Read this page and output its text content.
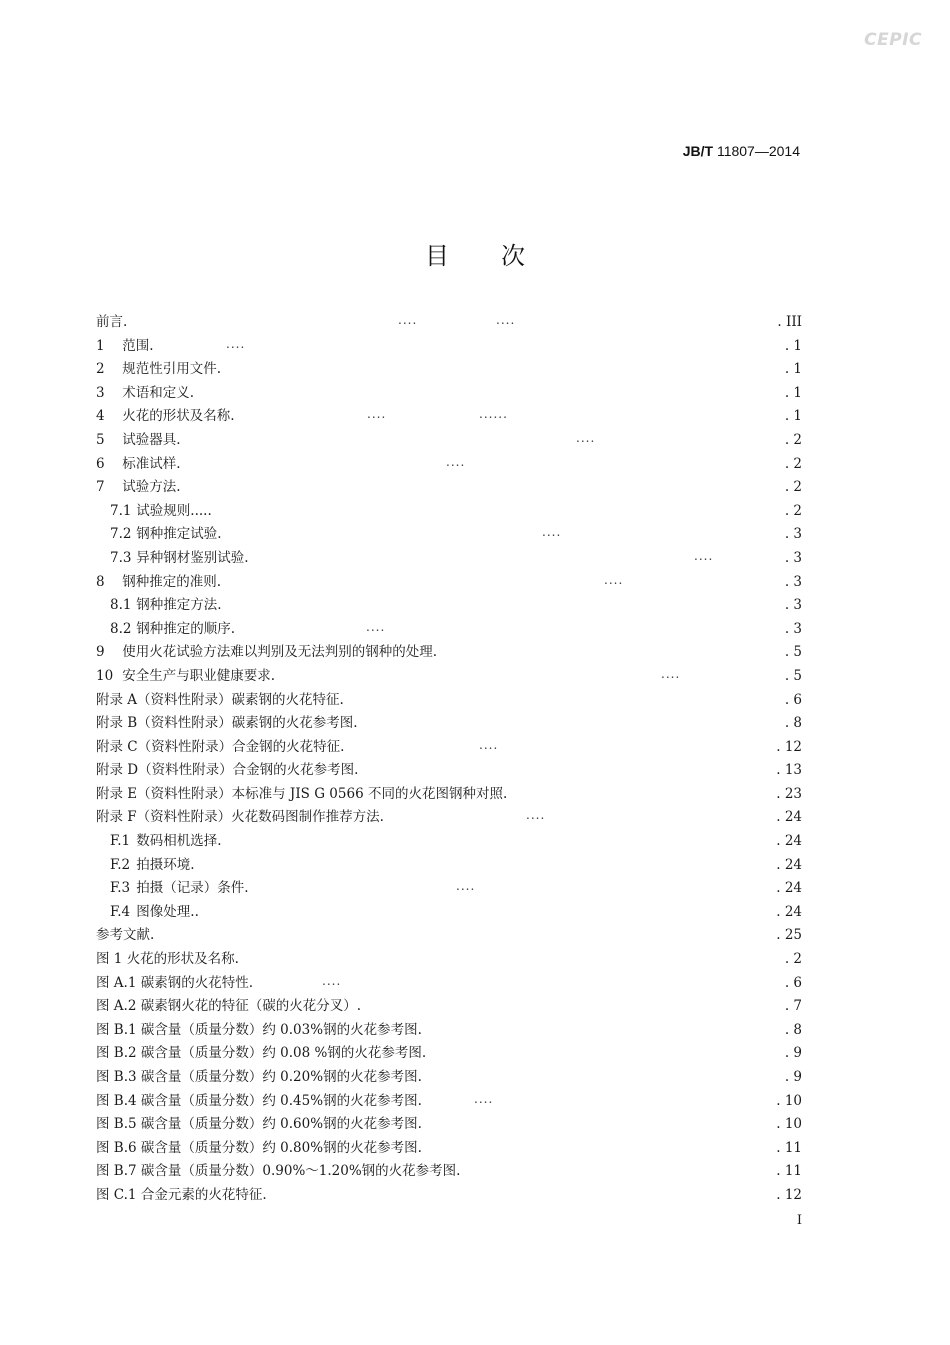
CEPIC
JB/T 11807—2014
目 次
前言.	....	....	. III
1 范围.	....	. 1
2 规范性引用文件.	. 1
3 术语和定义.	. 1
4 火花的形状及名称.	....	......	. 1
5 试验器具.	....	. 2
6 标准试样.	....	. 2
7 试验方法.	. 2
7.1 试验规则.....	. 2
7.2 钢种推定试验.	....	. 3
7.3 异种钢材鉴别试验.	....	. 3
8 钢种推定的准则.	....	. 3
8.1 钢种推定方法.	. 3
8.2 钢种推定的顺序.	....	. 3
9 使用火花试验方法难以判别及无法判别的钢种的处理.	. 5
10 安全生产与职业健康要求.	....	. 5
附录 A（资料性附录）碳素钢的火花特征.	. 6
附录 B（资料性附录）碳素钢的火花参考图.	. 8
附录 C（资料性附录）合金钢的火花特征.	....	. 12
附录 D（资料性附录）合金钢的火花参考图.	. 13
附录 E（资料性附录）本标准与 JIS G 0566 不同的火花图钢种对照.	. 23
附录 F（资料性附录）火花数码图制作推荐方法.	....	. 24
F.1 数码相机选择.	. 24
F.2 拍摄环境.	. 24
F.3 拍摄（记录）条件.	....	. 24
F.4 图像处理..	. 24
参考文献.	. 25
图 1 火花的形状及名称.	. 2
图 A.1 碳素钢的火花特性.	....	. 6
图 A.2 碳素钢火花的特征（碳的火花分叉）.	. 7
图 B.1 碳含量（质量分数）约 0.03%钢的火花参考图.	. 8
图 B.2 碳含量（质量分数）约 0.08 %钢的火花参考图.	. 9
图 B.3 碳含量（质量分数）约 0.20%钢的火花参考图.	. 9
图 B.4 碳含量（质量分数）约 0.45%钢的火花参考图.	....	. 10
图 B.5 碳含量（质量分数）约 0.60%钢的火花参考图.	. 10
图 B.6 碳含量（质量分数）约 0.80%钢的火花参考图.	. 11
图 B.7 碳含量（质量分数）0.90%～1.20%钢的火花参考图.	. 11
图 C.1 合金元素的火花特征.	. 12
I
